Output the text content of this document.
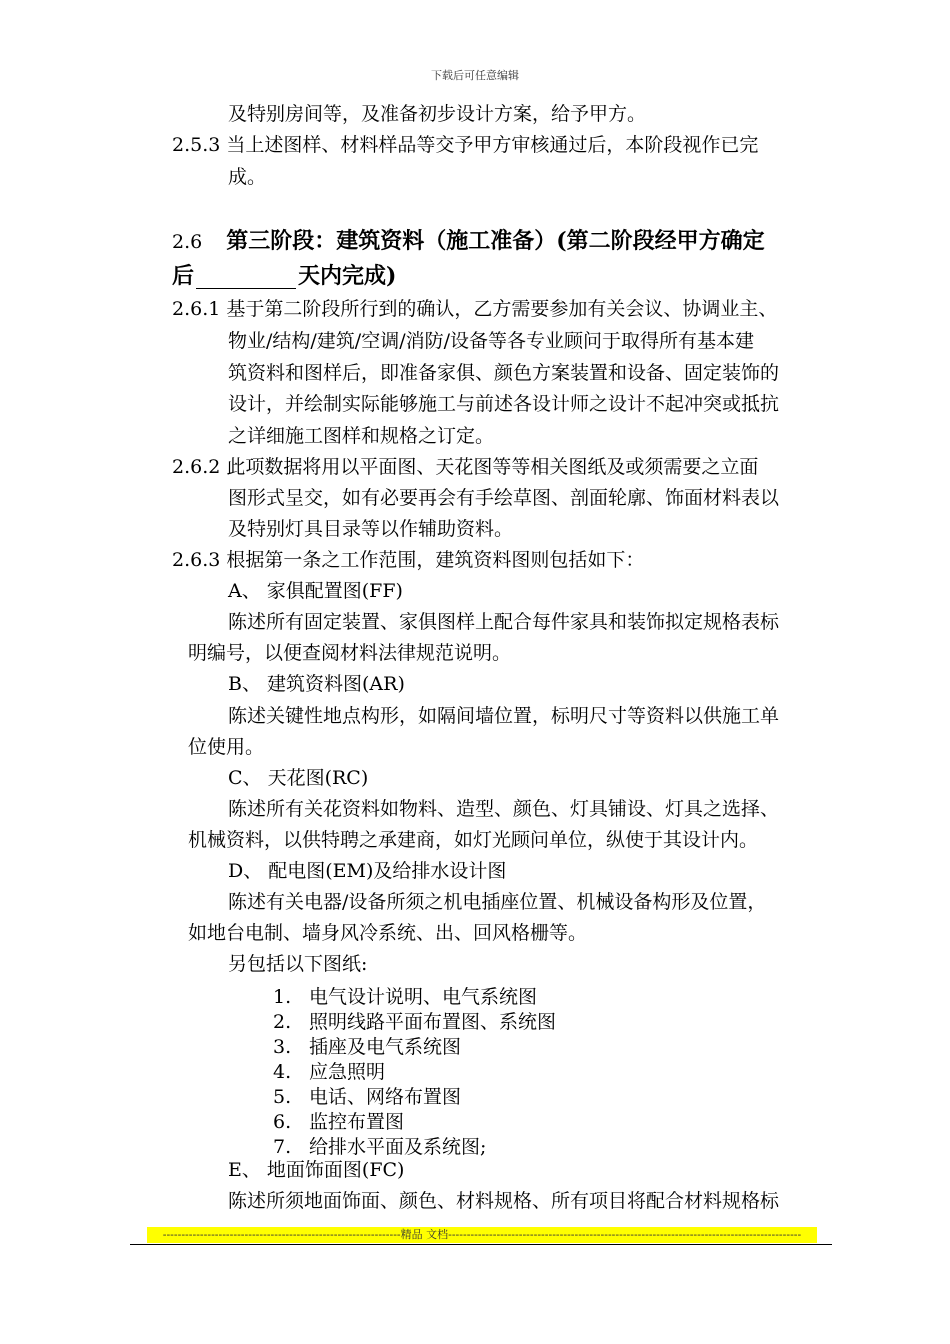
下载后可任意编辑
及特别房间等，及准备初步设计方案，给予甲方。
2.5.3 当上述图样、材料样品等交予甲方审核通过后，本阶段视作已完
成。
2.6 第三阶段：建筑资料（施工准备）(第二阶段经甲方确定
后	天内完成)
2.6.1 基于第二阶段所行到的确认，乙方需要参加有关会议、协调业主、
物业/结构/建筑/空调/消防/设备等各专业顾问于取得所有基本建
筑资料和图样后，即准备家俱、颜色方案装置和设备、固定装饰的
设计，并绘制实际能够施工与前述各设计师之设计不起冲突或抵抗
之详细施工图样和规格之订定。
2.6.2 此项数据将用以平面图、天花图等等相关图纸及或须需要之立面
图形式呈交，如有必要再会有手绘草图、剖面轮廓、饰面材料表以
及特别灯具目录等以作辅助资料。
2.6.3 根据第一条之工作范围，建筑资料图则包括如下：
A、 家俱配置图(FF)
陈述所有固定装置、家俱图样上配合每件家具和装饰拟定规格表标
明编号，以便查阅材料法律规范说明。
B、 建筑资料图(AR)
陈述关键性地点构形，如隔间墙位置，标明尺寸等资料以供施工单
位使用。
C、 天花图(RC)
陈述所有关花资料如物料、造型、颜色、灯具铺设、灯具之选择、
机械资料，以供特聘之承建商，如灯光顾问单位，纵使于其设计内。
D、 配电图(EM)及给排水设计图
陈述有关电器/设备所须之机电插座位置、机械设备构形及位置，
如地台电制、墙身风冷系统、出、回风格栅等。
另包括以下图纸:
1. 电气设计说明、电气系统图
2. 照明线路平面布置图、系统图
3. 插座及电气系统图
4. 应急照明
5. 电话、网络布置图
6. 监控布置图
7. 给排水平面及系统图;
E、 地面饰面图(FC)
陈述所须地面饰面、颜色、材料规格、所有项目将配合材料规格标
----------------------------------------------------------------精品 文档-----------------------------------------------------------------------------------------------
